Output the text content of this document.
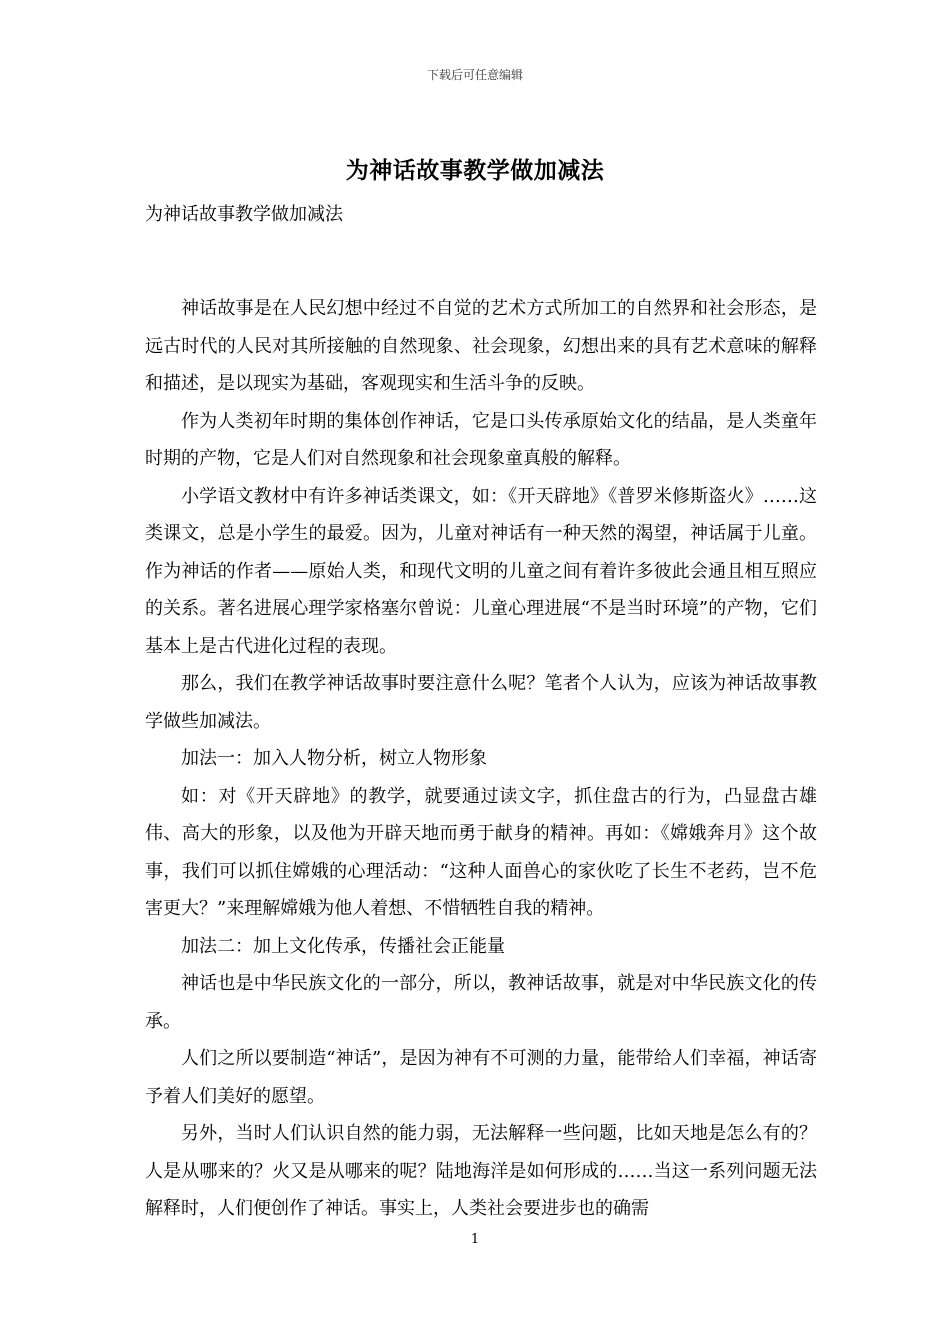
下载后可任意编辑
为神话故事教学做加减法

为神话故事教学做加减法

神话故事是在人民幻想中经过不自觉的艺术方式所加工的自然界和社会形态，是远古时代的人民对其所接触的自然现象、社会现象，幻想出来的具有艺术意味的解释和描述，是以现实为基础，客观现实和生活斗争的反映。

作为人类初年时期的集体创作神话，它是口头传承原始文化的结晶，是人类童年时期的产物，它是人们对自然现象和社会现象童真般的解释。

小学语文教材中有许多神话类课文，如：《开天辟地》《普罗米修斯盗火》……这类课文，总是小学生的最爱。因为，儿童对神话有一种天然的渴望，神话属于儿童。作为神话的作者——原始人类，和现代文明的儿童之间有着许多彼此会通且相互照应的关系。著名进展心理学家格塞尔曾说：儿童心理进展“不是当时环境”的产物，它们基本上是古代进化过程的表现。

那么，我们在教学神话故事时要注意什么呢？笔者个人认为，应该为神话故事教学做些加减法。

加法一：加入人物分析，树立人物形象

如：对《开天辟地》的教学，就要通过读文字，抓住盘古的行为，凸显盘古雄伟、高大的形象，以及他为开辟天地而勇于献身的精神。再如：《嫦娥奔月》这个故事，我们可以抓住嫦娥的心理活动：“这种人面兽心的家伙吃了长生不老药，岂不危害更大？”来理解嫦娥为他人着想、不惜牺牲自我的精神。

加法二：加上文化传承，传播社会正能量

神话也是中华民族文化的一部分，所以，教神话故事，就是对中华民族文化的传承。

人们之所以要制造“神话”，是因为神有不可测的力量，能带给人们幸福，神话寄予着人们美好的愿望。

另外，当时人们认识自然的能力弱，无法解释一些问题，比如天地是怎么有的？人是从哪来的？火又是从哪来的呢？陆地海洋是如何形成的……当这一系列问题无法解释时，人们便创作了神话。事实上，人类社会要进步也的确需

1
